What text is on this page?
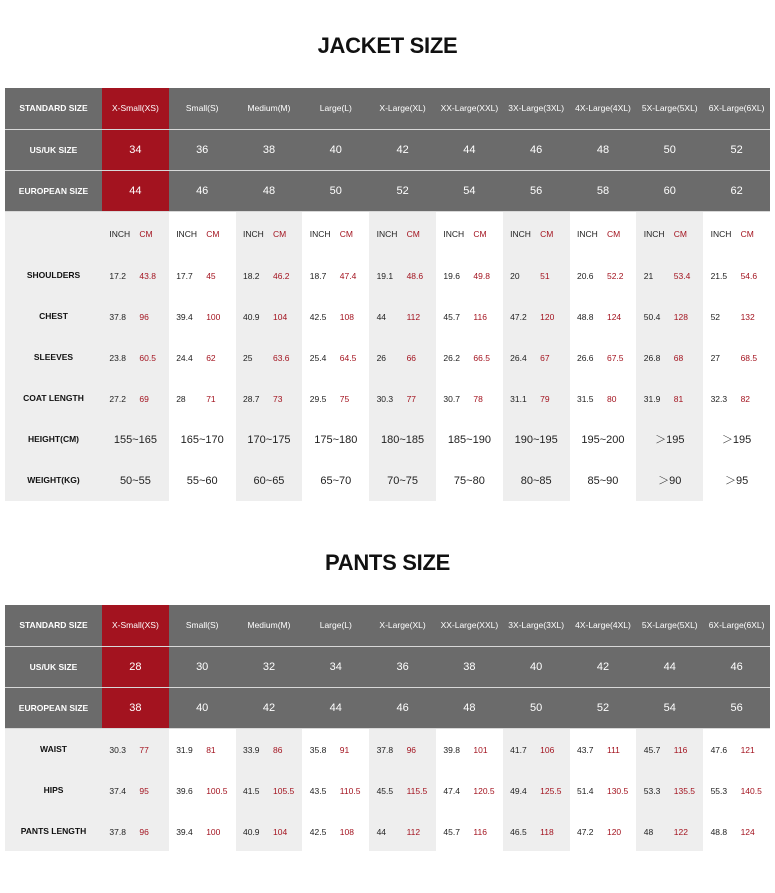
JACKET SIZE
STANDARD SIZE	X-Small(XS)	Small(S)	Medium(M)	Large(L)	X-Large(XL)	XX-Large(XXL)	3X-Large(3XL)	4X-Large(4XL)	5X-Large(5XL)	6X-Large(6XL)
US/UK SIZE	34	36	38	40	42	44	46	48	50	52
EUROPEAN SIZE	44	46	48	50	52	54	56	58	60	62
	INCH CM	INCH CM	INCH CM	INCH CM	INCH CM	INCH CM	INCH CM	INCH CM	INCH CM	INCH CM
SHOULDERS	17.2 43.8	17.7 45	18.2 46.2	18.7 47.4	19.1 48.6	19.6 49.8	20 51	20.6 52.2	21 53.4	21.5 54.6
CHEST	37.8 96	39.4 100	40.9 104	42.5 108	44 112	45.7 116	47.2 120	48.8 124	50.4 128	52 132
SLEEVES	23.8 60.5	24.4 62	25 63.6	25.4 64.5	26 66	26.2 66.5	26.4 67	26.6 67.5	26.8 68	27 68.5
COAT LENGTH	27.2 69	28 71	28.7 73	29.5 75	30.3 77	30.7 78	31.1 79	31.5 80	31.9 81	32.3 82
HEIGHT(CM)	155~165	165~170	170~175	175~180	180~185	185~190	190~195	195~200	＞195	＞195
WEIGHT(KG)	50~55	55~60	60~65	65~70	70~75	75~80	80~85	85~90	＞90	＞95
PANTS SIZE
STANDARD SIZE	X-Small(XS)	Small(S)	Medium(M)	Large(L)	X-Large(XL)	XX-Large(XXL)	3X-Large(3XL)	4X-Large(4XL)	5X-Large(5XL)	6X-Large(6XL)
US/UK SIZE	28	30	32	34	36	38	40	42	44	46
EUROPEAN SIZE	38	40	42	44	46	48	50	52	54	56
WAIST	30.3 77	31.9 81	33.9 86	35.8 91	37.8 96	39.8 101	41.7 106	43.7 111	45.7 116	47.6 121
HIPS	37.4 95	39.6 100.5	41.5 105.5	43.5 110.5	45.5 115.5	47.4 120.5	49.4 125.5	51.4 130.5	53.3 135.5	55.3 140.5
PANTS LENGTH	37.8 96	39.4 100	40.9 104	42.5 108	44 112	45.7 116	46.5 118	47.2 120	48 122	48.8 124
